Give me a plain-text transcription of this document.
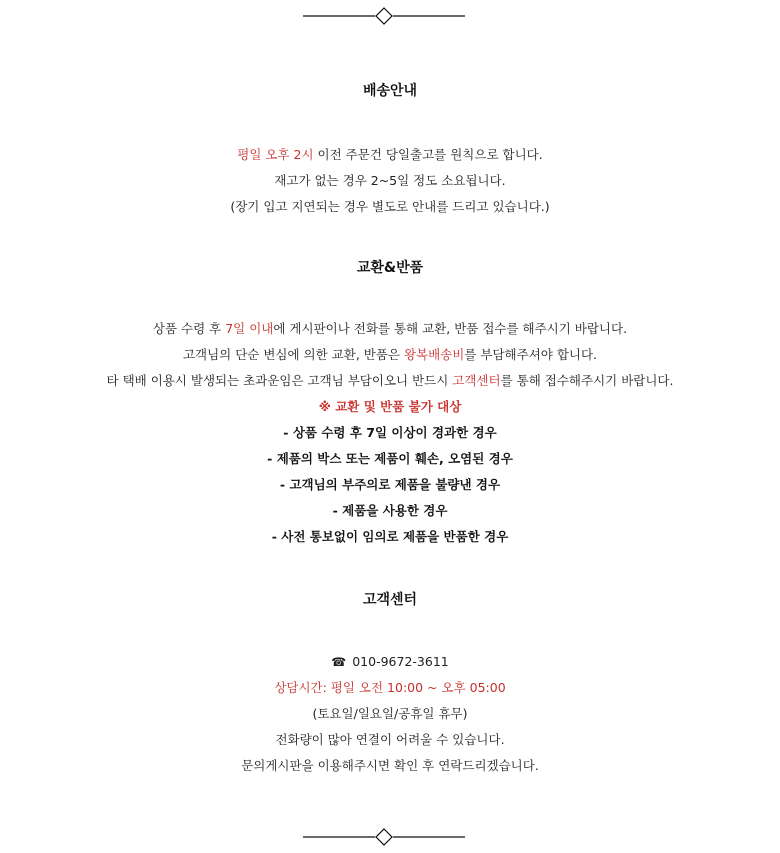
배송안내
평일 오후 2시 이전 주문건 당일출고를 원칙으로 합니다.
재고가 없는 경우 2~5일 정도 소요됩니다.
(장기 입고 지연되는 경우 별도로 안내를 드리고 있습니다.)
교환&반품
상품 수령 후 7일 이내에 게시판이나 전화를 통해 교환, 반품 접수를 해주시기 바랍니다.
고객님의 단순 변심에 의한 교환, 반품은 왕복배송비를 부담해주셔야 합니다.
타 택배 이용시 발생되는 초과운임은 고객님 부담이오니 반드시 고객센터를 통해 접수해주시기 바랍니다.
※ 교환 및 반품 불가 대상
- 상품 수령 후 7일 이상이 경과한 경우
- 제품의 박스 또는 제품이 훼손, 오염된 경우
- 고객님의 부주의로 제품을 불량낸 경우
- 제품을 사용한 경우
- 사전 통보없이 임의로 제품을 반품한 경우
고객센터
☎ 010-9672-3611
상담시간: 평일 오전 10:00 ~ 오후 05:00
(토요일/일요일/공휴일 휴무)
전화량이 많아 연결이 어려울 수 있습니다.
문의게시판을 이용해주시면 확인 후 연락드리겠습니다.
